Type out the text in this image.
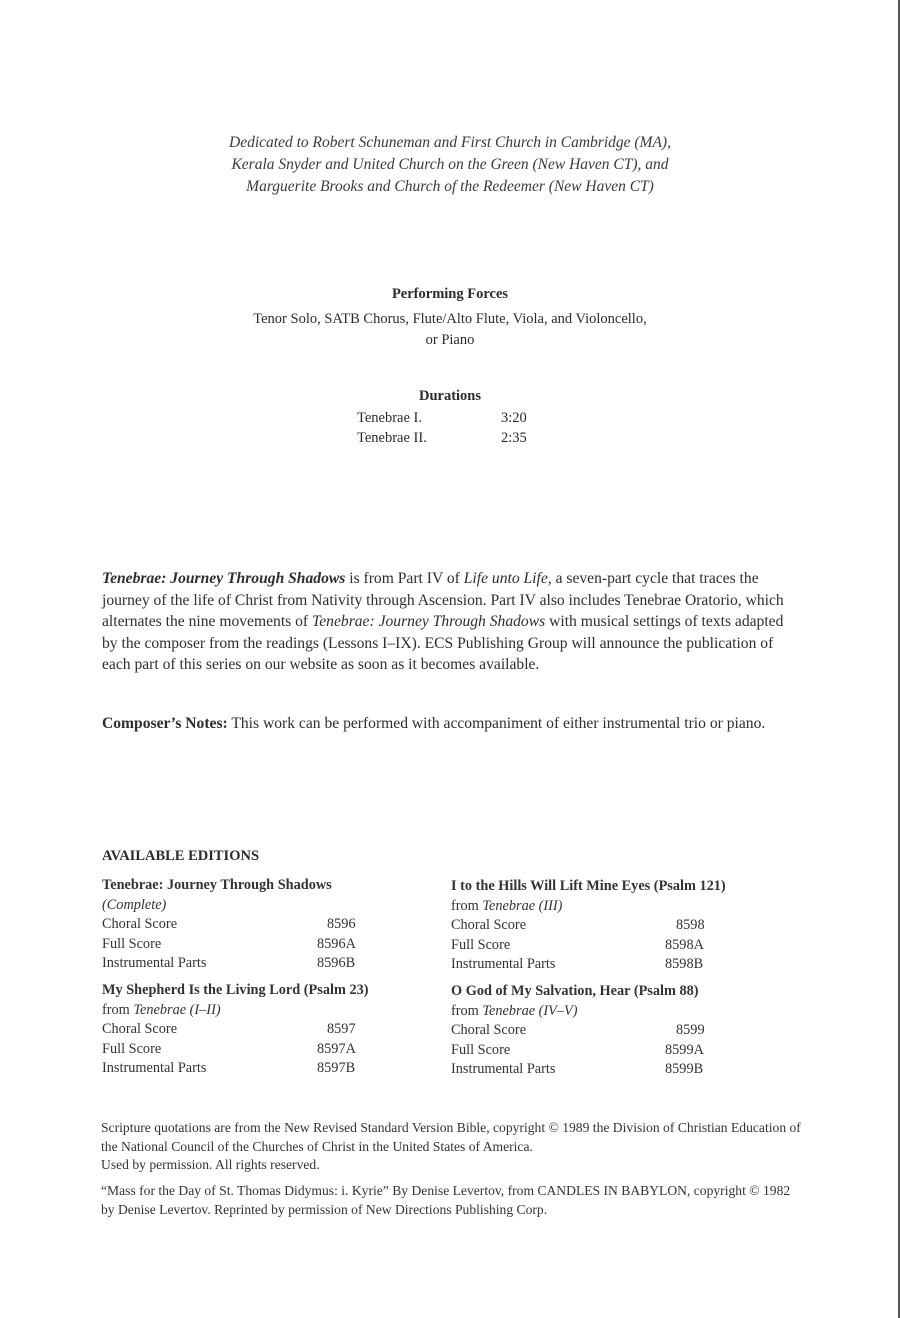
Dedicated to Robert Schuneman and First Church in Cambridge (MA),
Kerala Snyder and United Church on the Green (New Haven CT), and
Marguerite Brooks and Church of the Redeemer (New Haven CT)
Performing Forces
Tenor Solo, SATB Chorus, Flute/Alto Flute, Viola, and Violoncello,
or Piano
Durations
Tenebrae I.	3:20
Tenebrae II.	2:35
Tenebrae: Journey Through Shadows is from Part IV of Life unto Life, a seven-part cycle that traces the journey of the life of Christ from Nativity through Ascension. Part IV also includes Tenebrae Oratorio, which alternates the nine movements of Tenebrae: Journey Through Shadows with musical settings of texts adapted by the composer from the readings (Lessons I–IX). ECS Publishing Group will announce the publication of each part of this series on our website as soon as it becomes available.
Composer’s Notes: This work can be performed with accompaniment of either instrumental trio or piano.
AVAILABLE EDITIONS
Tenebrae: Journey Through Shadows
(Complete)
Choral Score	8596
Full Score	8596A
Instrumental Parts	8596B
My Shepherd Is the Living Lord (Psalm 23)
from Tenebrae (I–II)
Choral Score	8597
Full Score	8597A
Instrumental Parts	8597B
I to the Hills Will Lift Mine Eyes (Psalm 121)
from Tenebrae (III)
Choral Score	8598
Full Score	8598A
Instrumental Parts	8598B
O God of My Salvation, Hear (Psalm 88)
from Tenebrae (IV–V)
Choral Score	8599
Full Score	8599A
Instrumental Parts	8599B
Scripture quotations are from the New Revised Standard Version Bible, copyright © 1989 the Division of Christian Education of the National Council of the Churches of Christ in the United States of America.
Used by permission. All rights reserved.
“Mass for the Day of St. Thomas Didymus: i. Kyrie” By Denise Levertov, from CANDLES IN BABYLON, copyright © 1982 by Denise Levertov. Reprinted by permission of New Directions Publishing Corp.
